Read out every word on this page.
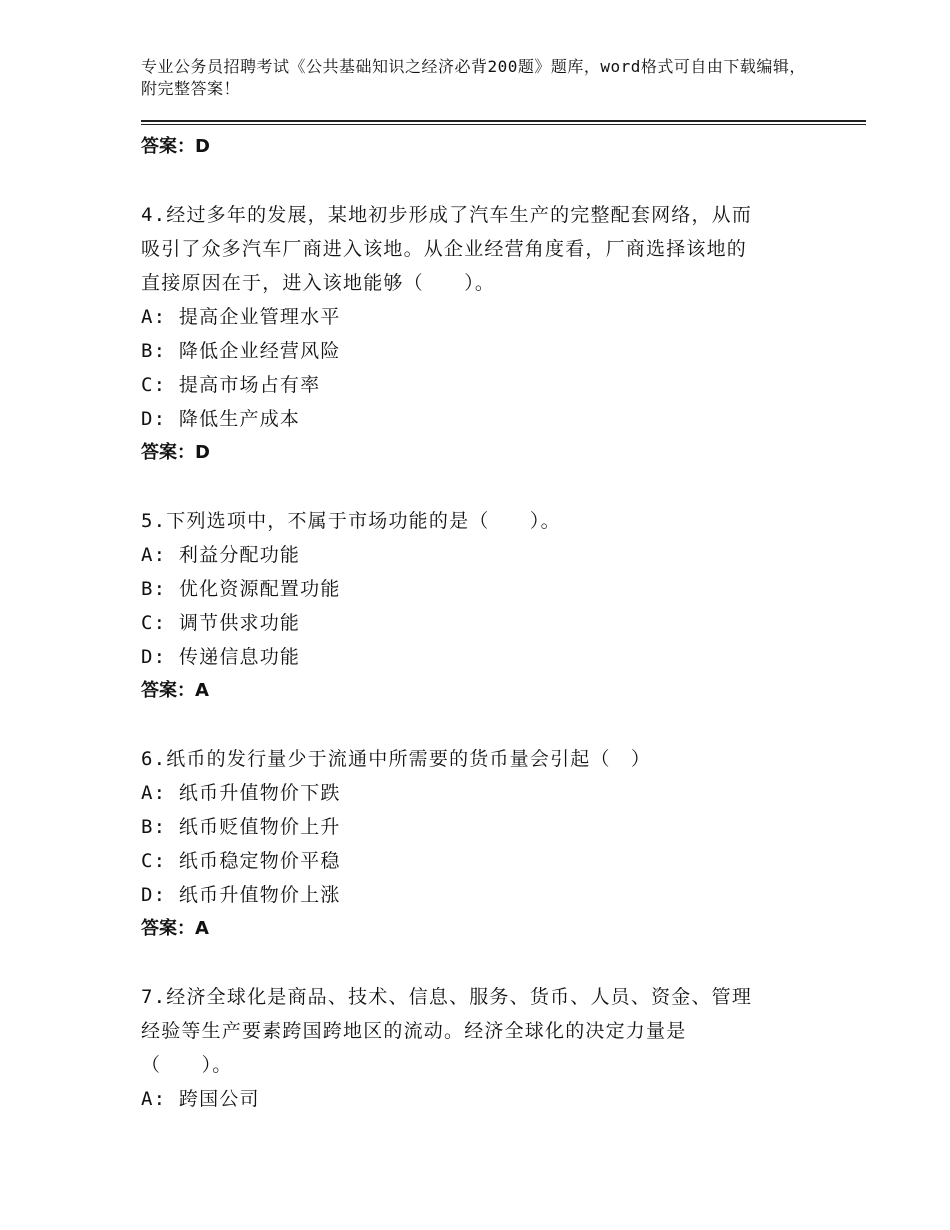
专业公务员招聘考试《公共基础知识之经济必背200题》题库，word格式可自由下载编辑，附完整答案！
答案：D
4.经过多年的发展，某地初步形成了汽车生产的完整配套网络，从而
吸引了众多汽车厂商进入该地。从企业经营角度看，厂商选择该地的
直接原因在于，进入该地能够（　　）。
A: 提高企业管理水平
B: 降低企业经营风险
C: 提高市场占有率
D: 降低生产成本
答案：D
5.下列选项中，不属于市场功能的是（　　）。
A: 利益分配功能
B: 优化资源配置功能
C: 调节供求功能
D: 传递信息功能
答案：A
6.纸币的发行量少于流通中所需要的货币量会引起（　）
A: 纸币升值物价下跌
B: 纸币贬值物价上升
C: 纸币稳定物价平稳
D: 纸币升值物价上涨
答案：A
7.经济全球化是商品、技术、信息、服务、货币、人员、资金、管理
经验等生产要素跨国跨地区的流动。经济全球化的决定力量是
（　　）。
A: 跨国公司
